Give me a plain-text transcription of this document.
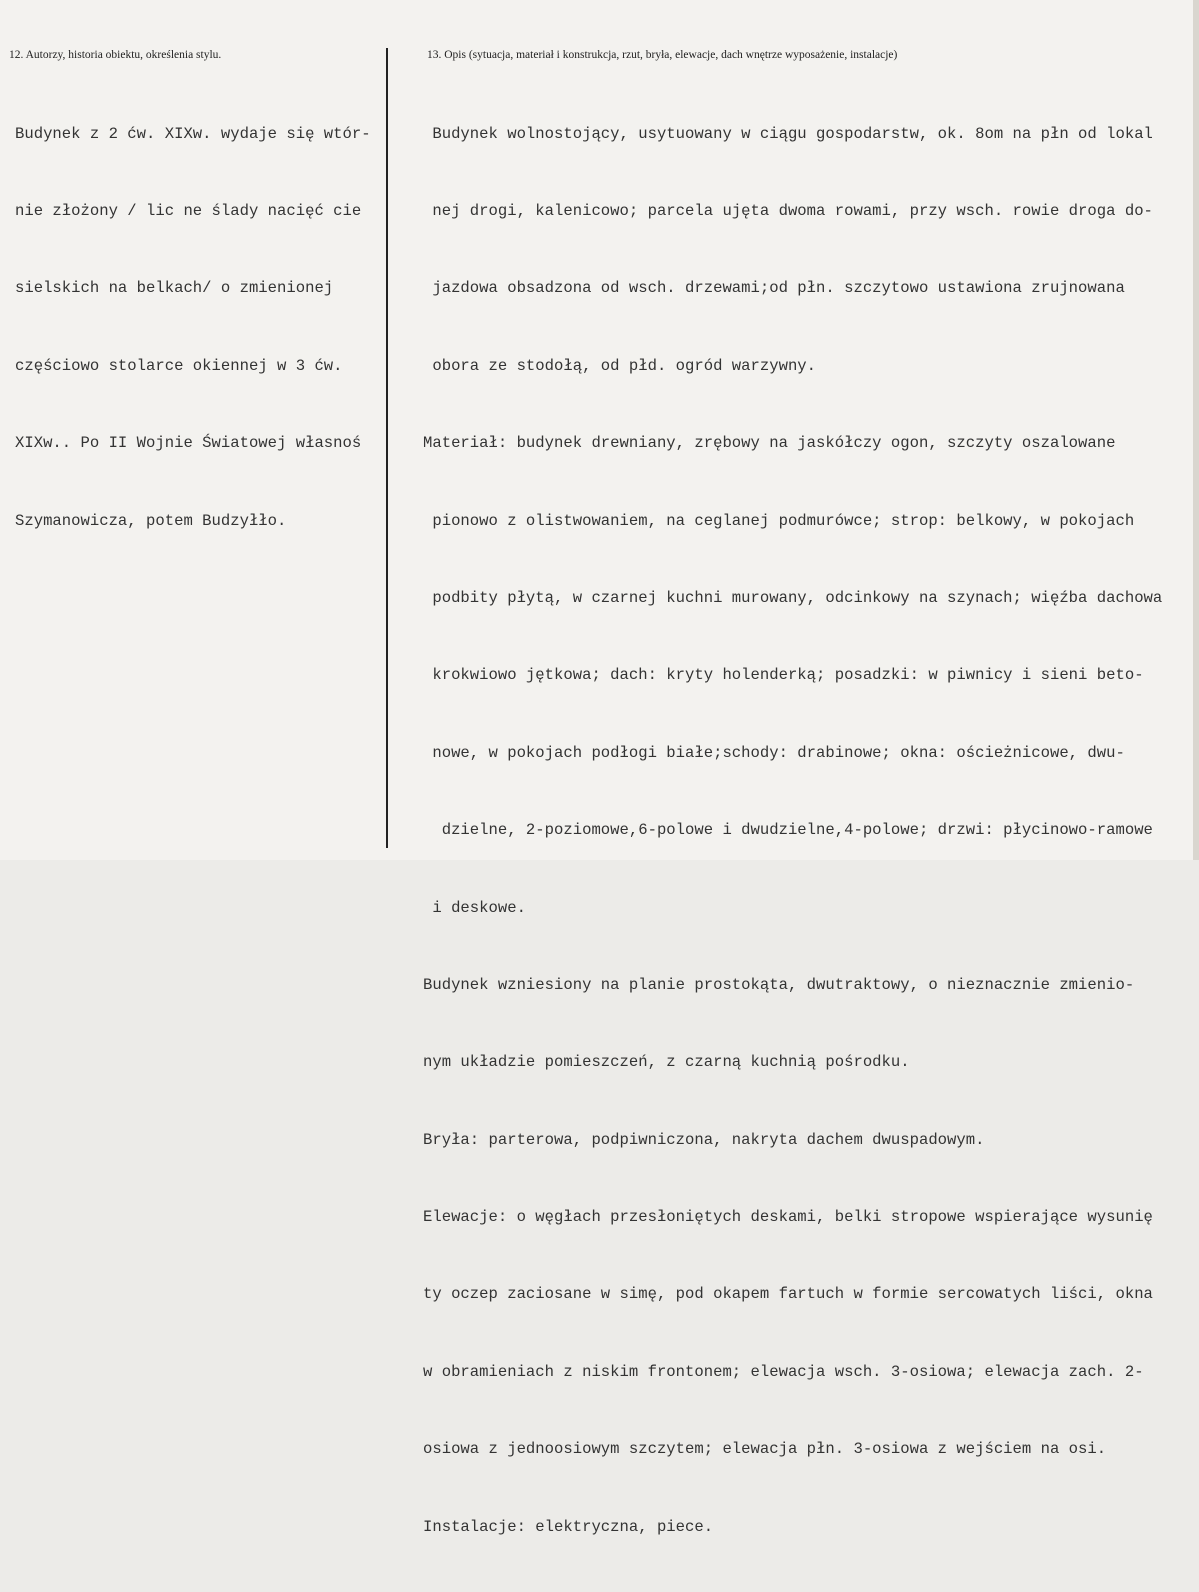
12. Autorzy, historia obiektu, określenia stylu.	13. Opis (sytuacja, materiał i konstrukcja, rzut, bryła, elewacje, dach wnętrze wyposażenie, instalacje)

Budynek z 2 ćw. XIXw. wydaje się wtór-

nie złożony / lic ne ślady nacięć cie

sielskich na belkach/ o zmienionej

częściowo stolarce okiennej w 3 ćw.

XIXw.. Po II Wojnie Światowej własnoś

Szymanowicza, potem Budzyłło.

Budynek wolnostojący, usytuowany w ciągu gospodarstw, ok. 8om na płn od lokal

nej drogi, kalenicowo; parcela ujęta dwoma rowami, przy wsch. rowie droga do-

jazdowa obsadzona od wsch. drzewami;od płn. szczytowo ustawiona zrujnowana

obora ze stodołą, od płd. ogród warzywny.

Materiał: budynek drewniany, zrębowy na jaskółczy ogon, szczyty oszalowane

pionowo z olistwowaniem, na ceglanej podmurówce; strop: belkowy, w pokojach

podbity płytą, w czarnej kuchni murowany, odcinkowy na szynach; więźba dachowa

krokwiowo jętkowa; dach: kryty holenderką; posadzki: w piwnicy i sieni beto-

nowe, w pokojach podłogi białe;schody: drabinowe; okna: ościeżnicowe, dwu-

dzielne, 2-poziomowe,6-polowe i dwudzielne,4-polowe; drzwi: płycinowo-ramowe

i deskowe.

Budynek wzniesiony na planie prostokąta, dwutraktowy, o nieznacznie zmienio-

nym układzie pomieszczeń, z czarną kuchnią pośrodku.

Bryła: parterowa, podpiwniczona, nakryta dachem dwuspadowym.

Elewacje: o węgłach przesłoniętych deskami, belki stropowe wspierające wysunię

ty oczep zaciosane w simę, pod okapem fartuch w formie sercowatych liści, okna

w obramieniach z niskim frontonem; elewacja wsch. 3-osiowa; elewacja zach. 2-

osiowa z jednoosiowym szczytem; elewacja płn. 3-osiowa z wejściem na osi.

Instalacje: elektryczna, piece.
